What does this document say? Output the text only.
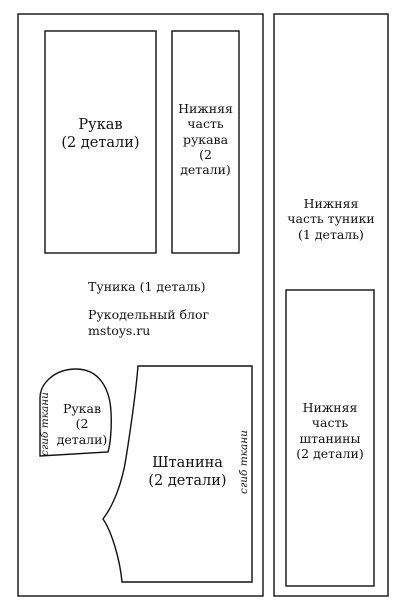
Рукав
(2 детали)
Нижняя
часть
рукава
(2 детали)
Туника (1 деталь)
Рукодельный блог
mstoys.ru
Нижняя
часть туники
(1 деталь)
Рукав
(2 детали)
сгиб ткани
Штанина
(2 детали)	сгиб ткани
Нижняя
часть
штанины
(2 детали)
